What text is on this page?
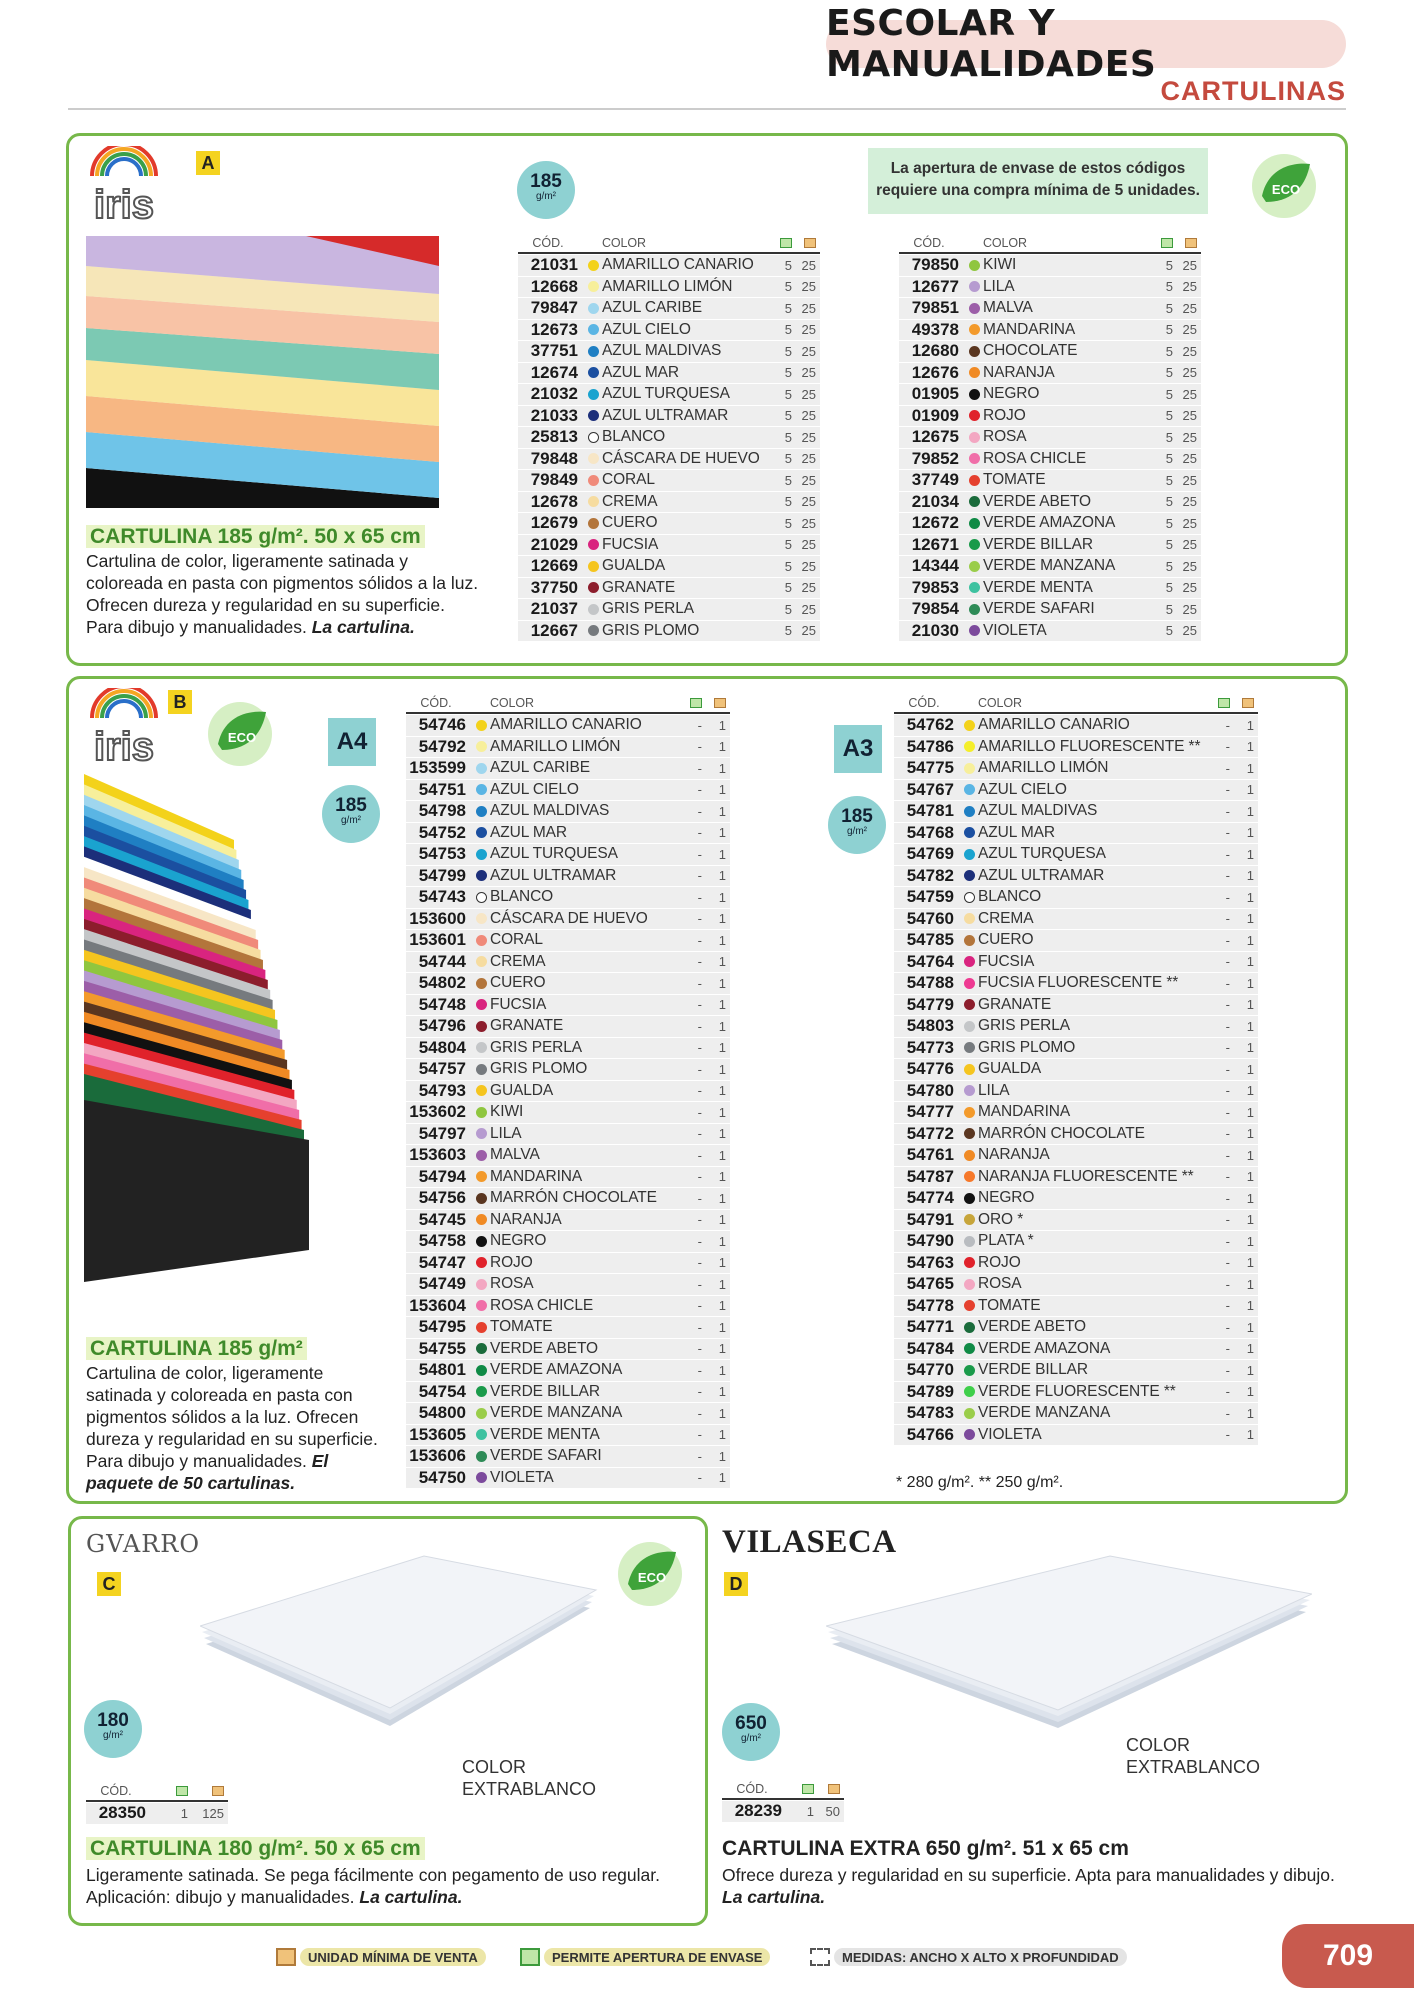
ESCOLAR Y MANUALIDADES
CARTULINAS
iris
A
CARTULINA 185 g/m². 50 x 65 cm
Cartulina de color, ligeramente satinada y coloreada en pasta con pigmentos sólidos a la luz. Ofrecen dureza y regularidad en su superficie. Para dibujo y manualidades. La cartulina.
185
g/m²
La apertura de envase de estos códigos requiere una compra mínima de 5 unidades.	ECO
CÓD.	COLOR
21031	AMARILLO CANARIO	5 25
12668	AMARILLO LIMÓN	5 25
79847	AZUL CARIBE	5 25
12673	AZUL CIELO	5 25
37751	AZUL MALDIVAS	5 25
12674	AZUL MAR	5 25
21032	AZUL TURQUESA	5 25
21033	AZUL ULTRAMAR	5 25
25813	BLANCO	5 25
79848	CÁSCARA DE HUEVO	5 25
79849	CORAL	5 25
12678	CREMA	5 25
12679	CUERO	5 25
21029	FUCSIA	5 25
12669	GUALDA	5 25
37750	GRANATE	5 25
21037	GRIS PERLA	5 25
12667	GRIS PLOMO	5 25
CÓD.	COLOR
79850	KIWI	5 25
12677	LILA	5 25
79851	MALVA	5 25
49378	MANDARINA	5 25
12680	CHOCOLATE	5 25
12676	NARANJA	5 25
01905	NEGRO	5 25
01909	ROJO	5 25
12675	ROSA	5 25
79852	ROSA CHICLE	5 25
37749	TOMATE	5 25
21034	VERDE ABETO	5 25
12672	VERDE AMAZONA	5 25
12671	VERDE BILLAR	5 25
14344	VERDE MANZANA	5 25
79853	VERDE MENTA	5 25
79854	VERDE SAFARI	5 25
21030	VIOLETA	5 25
iris
B
ECO	A4
185
g/m²
A3
185
g/m²
CÓD.	COLOR
54746	AMARILLO CANARIO	-	1
54792	AMARILLO LIMÓN	-	1
153599	AZUL CARIBE	-	1
54751	AZUL CIELO	-	1
54798	AZUL MALDIVAS	-	1
54752	AZUL MAR	-	1
54753	AZUL TURQUESA	-	1
54799	AZUL ULTRAMAR	-	1
54743	BLANCO	-	1
153600	CÁSCARA DE HUEVO	-	1
153601	CORAL	-	1
54744	CREMA	-	1
54802	CUERO	-	1
54748	FUCSIA	-	1
54796	GRANATE	-	1
54804	GRIS PERLA	-	1
54757	GRIS PLOMO	-	1
54793	GUALDA	-	1
153602	KIWI	-	1
54797	LILA	-	1
153603	MALVA	-	1
54794	MANDARINA	-	1
54756	MARRÓN CHOCOLATE	-	1
54745	NARANJA	-	1
54758	NEGRO	-	1
54747	ROJO	-	1
54749	ROSA	-	1
153604	ROSA CHICLE	-	1
54795	TOMATE	-	1
54755	VERDE ABETO	-	1
54801	VERDE AMAZONA	-	1
54754	VERDE BILLAR	-	1
54800	VERDE MANZANA	-	1
153605	VERDE MENTA	-	1
153606	VERDE SAFARI	-	1
54750	VIOLETA	-	1
CÓD.	COLOR
54762	AMARILLO CANARIO	-	1
54786	AMARILLO FLUORESCENTE **	-	1
54775	AMARILLO LIMÓN	-	1
54767	AZUL CIELO	-	1
54781	AZUL MALDIVAS	-	1
54768	AZUL MAR	-	1
54769	AZUL TURQUESA	-	1
54782	AZUL ULTRAMAR	-	1
54759	BLANCO	-	1
54760	CREMA	-	1
54785	CUERO	-	1
54764	FUCSIA	-	1
54788	FUCSIA FLUORESCENTE **	-	1
54779	GRANATE	-	1
54803	GRIS PERLA	-	1
54773	GRIS PLOMO	-	1
54776	GUALDA	-	1
54780	LILA	-	1
54777	MANDARINA	-	1
54772	MARRÓN CHOCOLATE	-	1
54761	NARANJA	-	1
54787	NARANJA FLUORESCENTE **	-	1
54774	NEGRO	-	1
54791	ORO *	-	1
54790	PLATA *	-	1
54763	ROJO	-	1
54765	ROSA	-	1
54778	TOMATE	-	1
54771	VERDE ABETO	-	1
54784	VERDE AMAZONA	-	1
54770	VERDE BILLAR	-	1
54789	VERDE FLUORESCENTE **	-	1
54783	VERDE MANZANA	-	1
54766	VIOLETA	-	1
* 280 g/m². ** 250 g/m².
CARTULINA 185 g/m²
Cartulina de color, ligeramente satinada y coloreada en pasta con pigmentos sólidos a la luz. Ofrecen dureza y regularidad en su superficie. Para dibujo y manualidades. El paquete de 50 cartulinas.
GVARRO
C	ECO
180
g/m²
COLOR
EXTRABLANCO
CÓD.
28350	1	125
CARTULINA 180 g/m². 50 x 65 cm
Ligeramente satinada. Se pega fácilmente con pegamento de uso regular. Aplicación: dibujo y manualidades. La cartulina.
VILASECA
D
650
g/m²	COLOR
EXTRABLANCO
CÓD.
28239	1 50
CARTULINA EXTRA 650 g/m². 51 x 65 cm
Ofrece dureza y regularidad en su superficie. Apta para manualidades y dibujo.
La cartulina.
UNIDAD MÍNIMA DE VENTA	PERMITE APERTURA DE ENVASE	MEDIDAS: ANCHO X ALTO X PROFUNDIDAD	709
